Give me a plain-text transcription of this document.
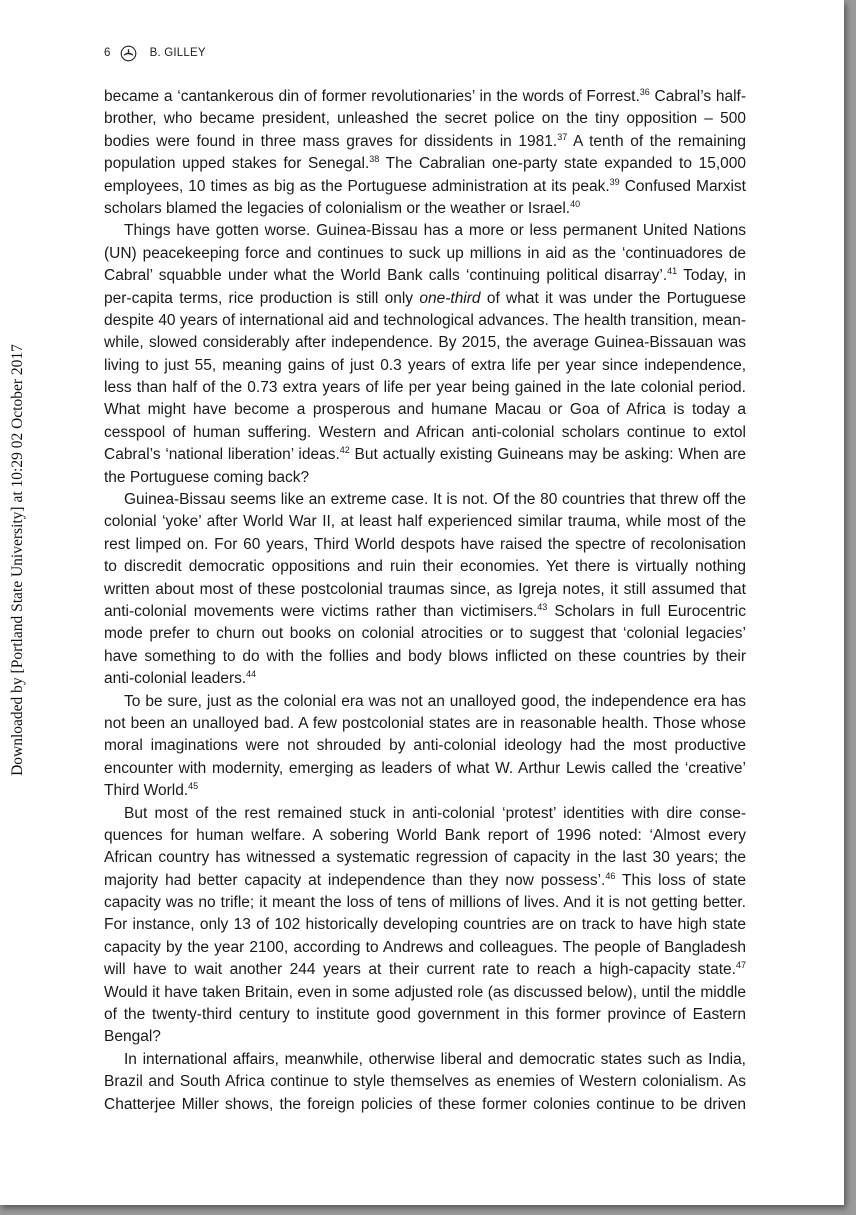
6	B. GILLEY
Downloaded by [Portland State University] at 10:29 02 October 2017
became a ‘cantankerous din of former revolutionaries’ in the words of Forrest.$^{36}$ Cabral’s half-
brother, who became president, unleashed the secret police on the tiny opposition – 500
bodies were found in three mass graves for dissidents in 1981.37 A tenth of the remaining
population upped stakes for Senegal.$^{38}$ The Cabralian one-party state expanded to 15,000
employees, 10 times as big as the Portuguese administration at its peak.$^{39}$ Confused Marxist
scholars blamed the legacies of colonialism or the weather or Israel.$^{40}$
Things have gotten worse. Guinea-Bissau has a more or less permanent United Nations
(UN) peacekeeping force and continues to suck up millions in aid as the ‘continuadores de
Cabral’ squabble under what the World Bank calls ‘continuing political disarray’.$^{41}$ Today, in
per-capita terms, rice production is still only one-third of what it was under the Portuguese
despite 40 years of international aid and technological advances. The health transition, mean-
while, slowed considerably after independence. By 2015, the average Guinea-Bissauan was
living to just 55, meaning gains of just 0.3 years of extra life per year since independence,
less than half of the 0.73 extra years of life per year being gained in the late colonial period.
What might have become a prosperous and humane Macau or Goa of Africa is today a
cesspool of human suffering. Western and African anti-colonial scholars continue to extol
Cabral’s ‘national liberation’ ideas.$^{42}$ But actually existing Guineans may be asking: When are
the Portuguese coming back?
Guinea-Bissau seems like an extreme case. It is not. Of the 80 countries that threw off the
colonial ‘yoke’ after World War II, at least half experienced similar trauma, while most of the
rest limped on. For 60 years, Third World despots have raised the spectre of recolonisation
to discredit democratic oppositions and ruin their economies. Yet there is virtually nothing
written about most of these postcolonial traumas since, as Igreja notes, it still assumed that
anti-colonial movements were victims rather than victimisers.$^{43}$ Scholars in full Eurocentric
mode prefer to churn out books on colonial atrocities or to suggest that ‘colonial legacies’
have something to do with the follies and body blows inflicted on these countries by their
anti-colonial leaders.$^{44}$
To be sure, just as the colonial era was not an unalloyed good, the independence era has
not been an unalloyed bad. A few postcolonial states are in reasonable health. Those whose
moral imaginations were not shrouded by anti-colonial ideology had the most productive
encounter with modernity, emerging as leaders of what W. Arthur Lewis called the ‘creative’
Third World.$^{45}$
But most of the rest remained stuck in anti-colonial ‘protest’ identities with dire conse-
quences for human welfare. A sobering World Bank report of 1996 noted: ‘Almost every
African country has witnessed a systematic regression of capacity in the last 30 years; the
majority had better capacity at independence than they now possess’.$^{46}$ This loss of state
capacity was no trifle; it meant the loss of tens of millions of lives. And it is not getting better.
For instance, only 13 of 102 historically developing countries are on track to have high state
capacity by the year 2100, according to Andrews and colleagues. The people of Bangladesh
will have to wait another 244 years at their current rate to reach a high-capacity state.$^{47}$
Would it have taken Britain, even in some adjusted role (as discussed below), until the middle
of the twenty-third century to institute good government in this former province of Eastern
Bengal?
In international affairs, meanwhile, otherwise liberal and democratic states such as India,
Brazil and South Africa continue to style themselves as enemies of Western colonialism. As
Chatterjee Miller shows, the foreign policies of these former colonies continue to be driven
